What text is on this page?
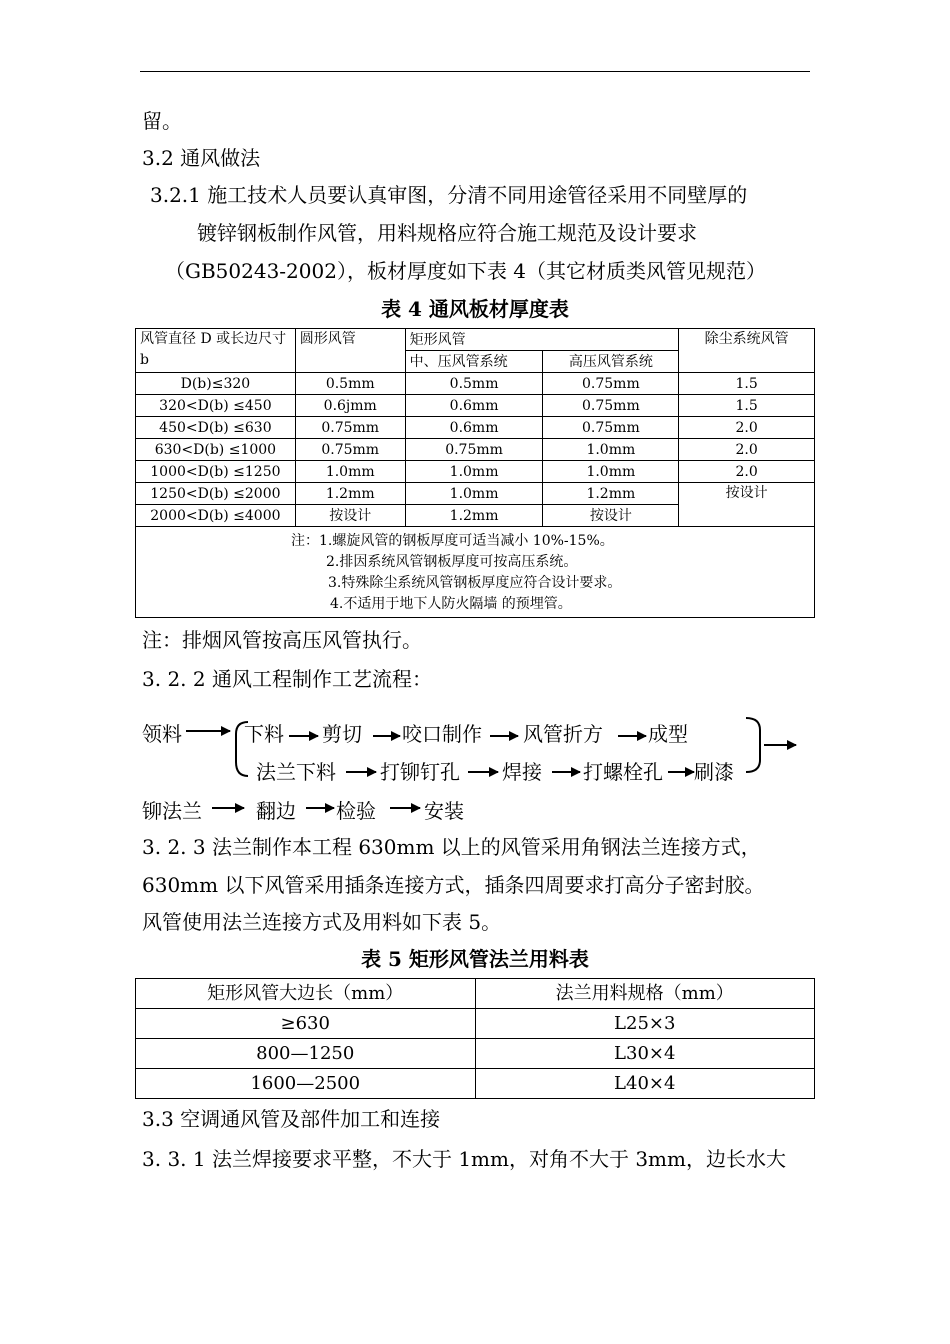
留。
3.2 通风做法
3.2.1 施工技术人员要认真审图，分清不同用途管径采用不同壁厚的
镀锌钢板制作风管，用料规格应符合施工规范及设计要求
（GB50243-2002），板材厚度如下表 4（其它材质类风管见规范）
表 4 通风板材厚度表
风管直径 D 或长边尺寸 b	圆形风管	矩形风管		除尘系统风管
		中、压风管系统	高压风管系统	
D(b)≤320	0.5mm	0.5mm	0.75mm	1.5
320<D(b) ≤450	0.6jmm	0.6mm	0.75mm	1.5
450<D(b) ≤630	0.75mm	0.6mm	0.75mm	2.0
630<D(b) ≤1000	0.75mm	0.75mm	1.0mm	2.0
1000<D(b) ≤1250	1.0mm	1.0mm	1.0mm	2.0
1250<D(b) ≤2000	1.2mm	1.0mm	1.2mm	按设计
2000<D(b) ≤4000	按设计	1.2mm	按设计	

注：1.螺旋风管的钢板厚度可适当减小 10%-15%。
2.排因系统风管钢板厚度可按高压系统。
3.特殊除尘系统风管钢板厚度应符合设计要求。
4.不适用于地下人防火隔墙 的预埋管。				
注：排烟风管按高压风管执行。
3. 2. 2 通风工程制作工艺流程：
领料	下料 剪切 咬口制作 风管折方 成型
法兰下料 打铆钉孔 焊接 打螺栓孔 刷漆
铆法兰	翻边 检验 安装
3. 2. 3 法兰制作本工程 630mm 以上的风管采用角钢法兰连接方式，
630mm 以下风管采用插条连接方式，插条四周要求打高分子密封胶。
风管使用法兰连接方式及用料如下表 5。
表 5 矩形风管法兰用料表
矩形风管大边长（mm）	法兰用料规格（mm）
≥630	L25×3
800—1250	L30×4
1600—2500	L40×4
3.3 空调通风管及部件加工和连接
3. 3. 1 法兰焊接要求平整，不大于 1mm，对角不大于 3mm，边长水大
